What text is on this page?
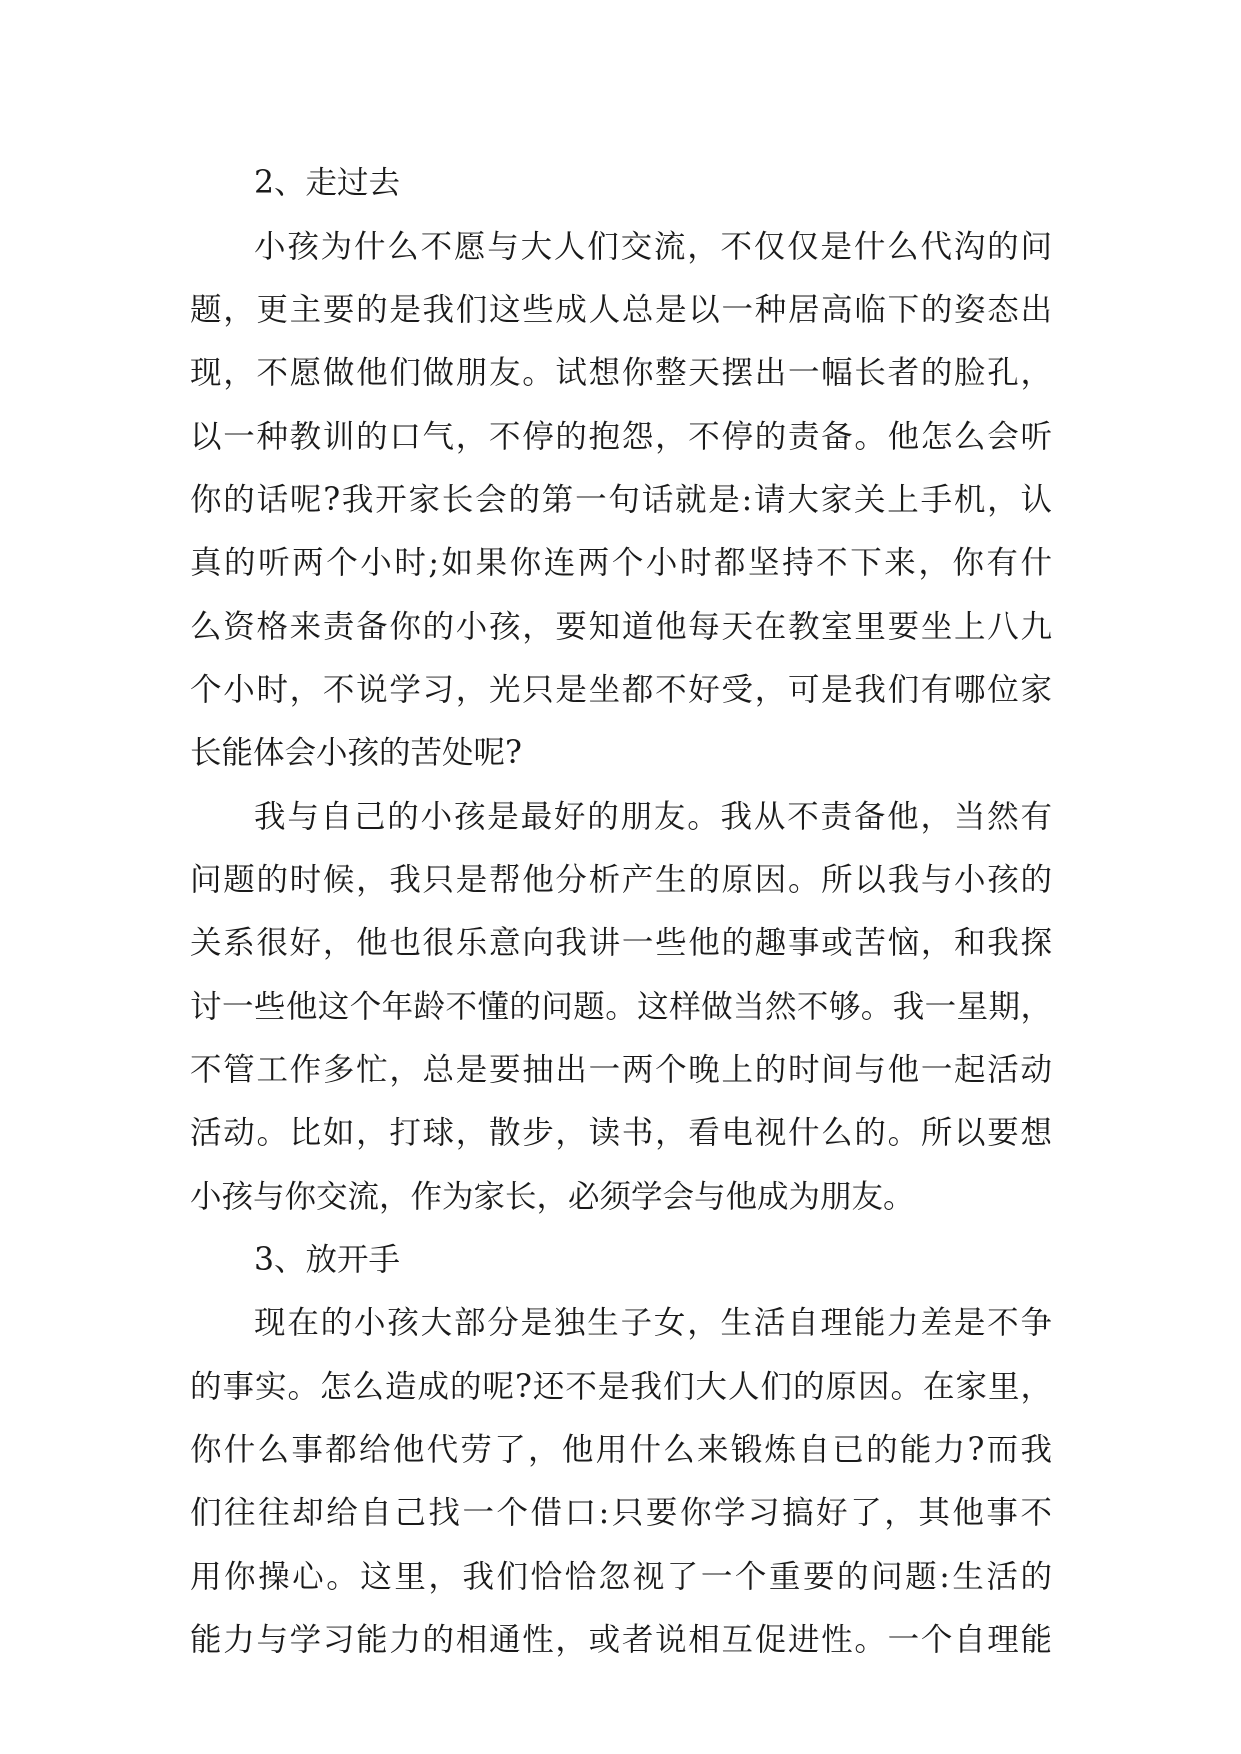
2、走过去
小孩为什么不愿与大人们交流，不仅仅是什么代沟的问
题，更主要的是我们这些成人总是以一种居高临下的姿态出
现，不愿做他们做朋友。试想你整天摆出一幅长者的脸孔，
以一种教训的口气，不停的抱怨，不停的责备。他怎么会听
你的话呢?我开家长会的第一句话就是:请大家关上手机，认
真的听两个小时;如果你连两个小时都坚持不下来，你有什
么资格来责备你的小孩，要知道他每天在教室里要坐上八九
个小时，不说学习，光只是坐都不好受，可是我们有哪位家
长能体会小孩的苦处呢?
我与自己的小孩是最好的朋友。我从不责备他，当然有
问题的时候，我只是帮他分析产生的原因。所以我与小孩的
关系很好，他也很乐意向我讲一些他的趣事或苦恼，和我探
讨一些他这个年龄不懂的问题。这样做当然不够。我一星期，
不管工作多忙，总是要抽出一两个晚上的时间与他一起活动
活动。比如，打球，散步，读书，看电视什么的。所以要想
小孩与你交流，作为家长，必须学会与他成为朋友。
3、放开手
现在的小孩大部分是独生子女，生活自理能力差是不争
的事实。怎么造成的呢?还不是我们大人们的原因。在家里，
你什么事都给他代劳了，他用什么来锻炼自已的能力?而我
们往往却给自己找一个借口:只要你学习搞好了，其他事不
用你操心。这里，我们恰恰忽视了一个重要的问题:生活的
能力与学习能力的相通性，或者说相互促进性。一个自理能
